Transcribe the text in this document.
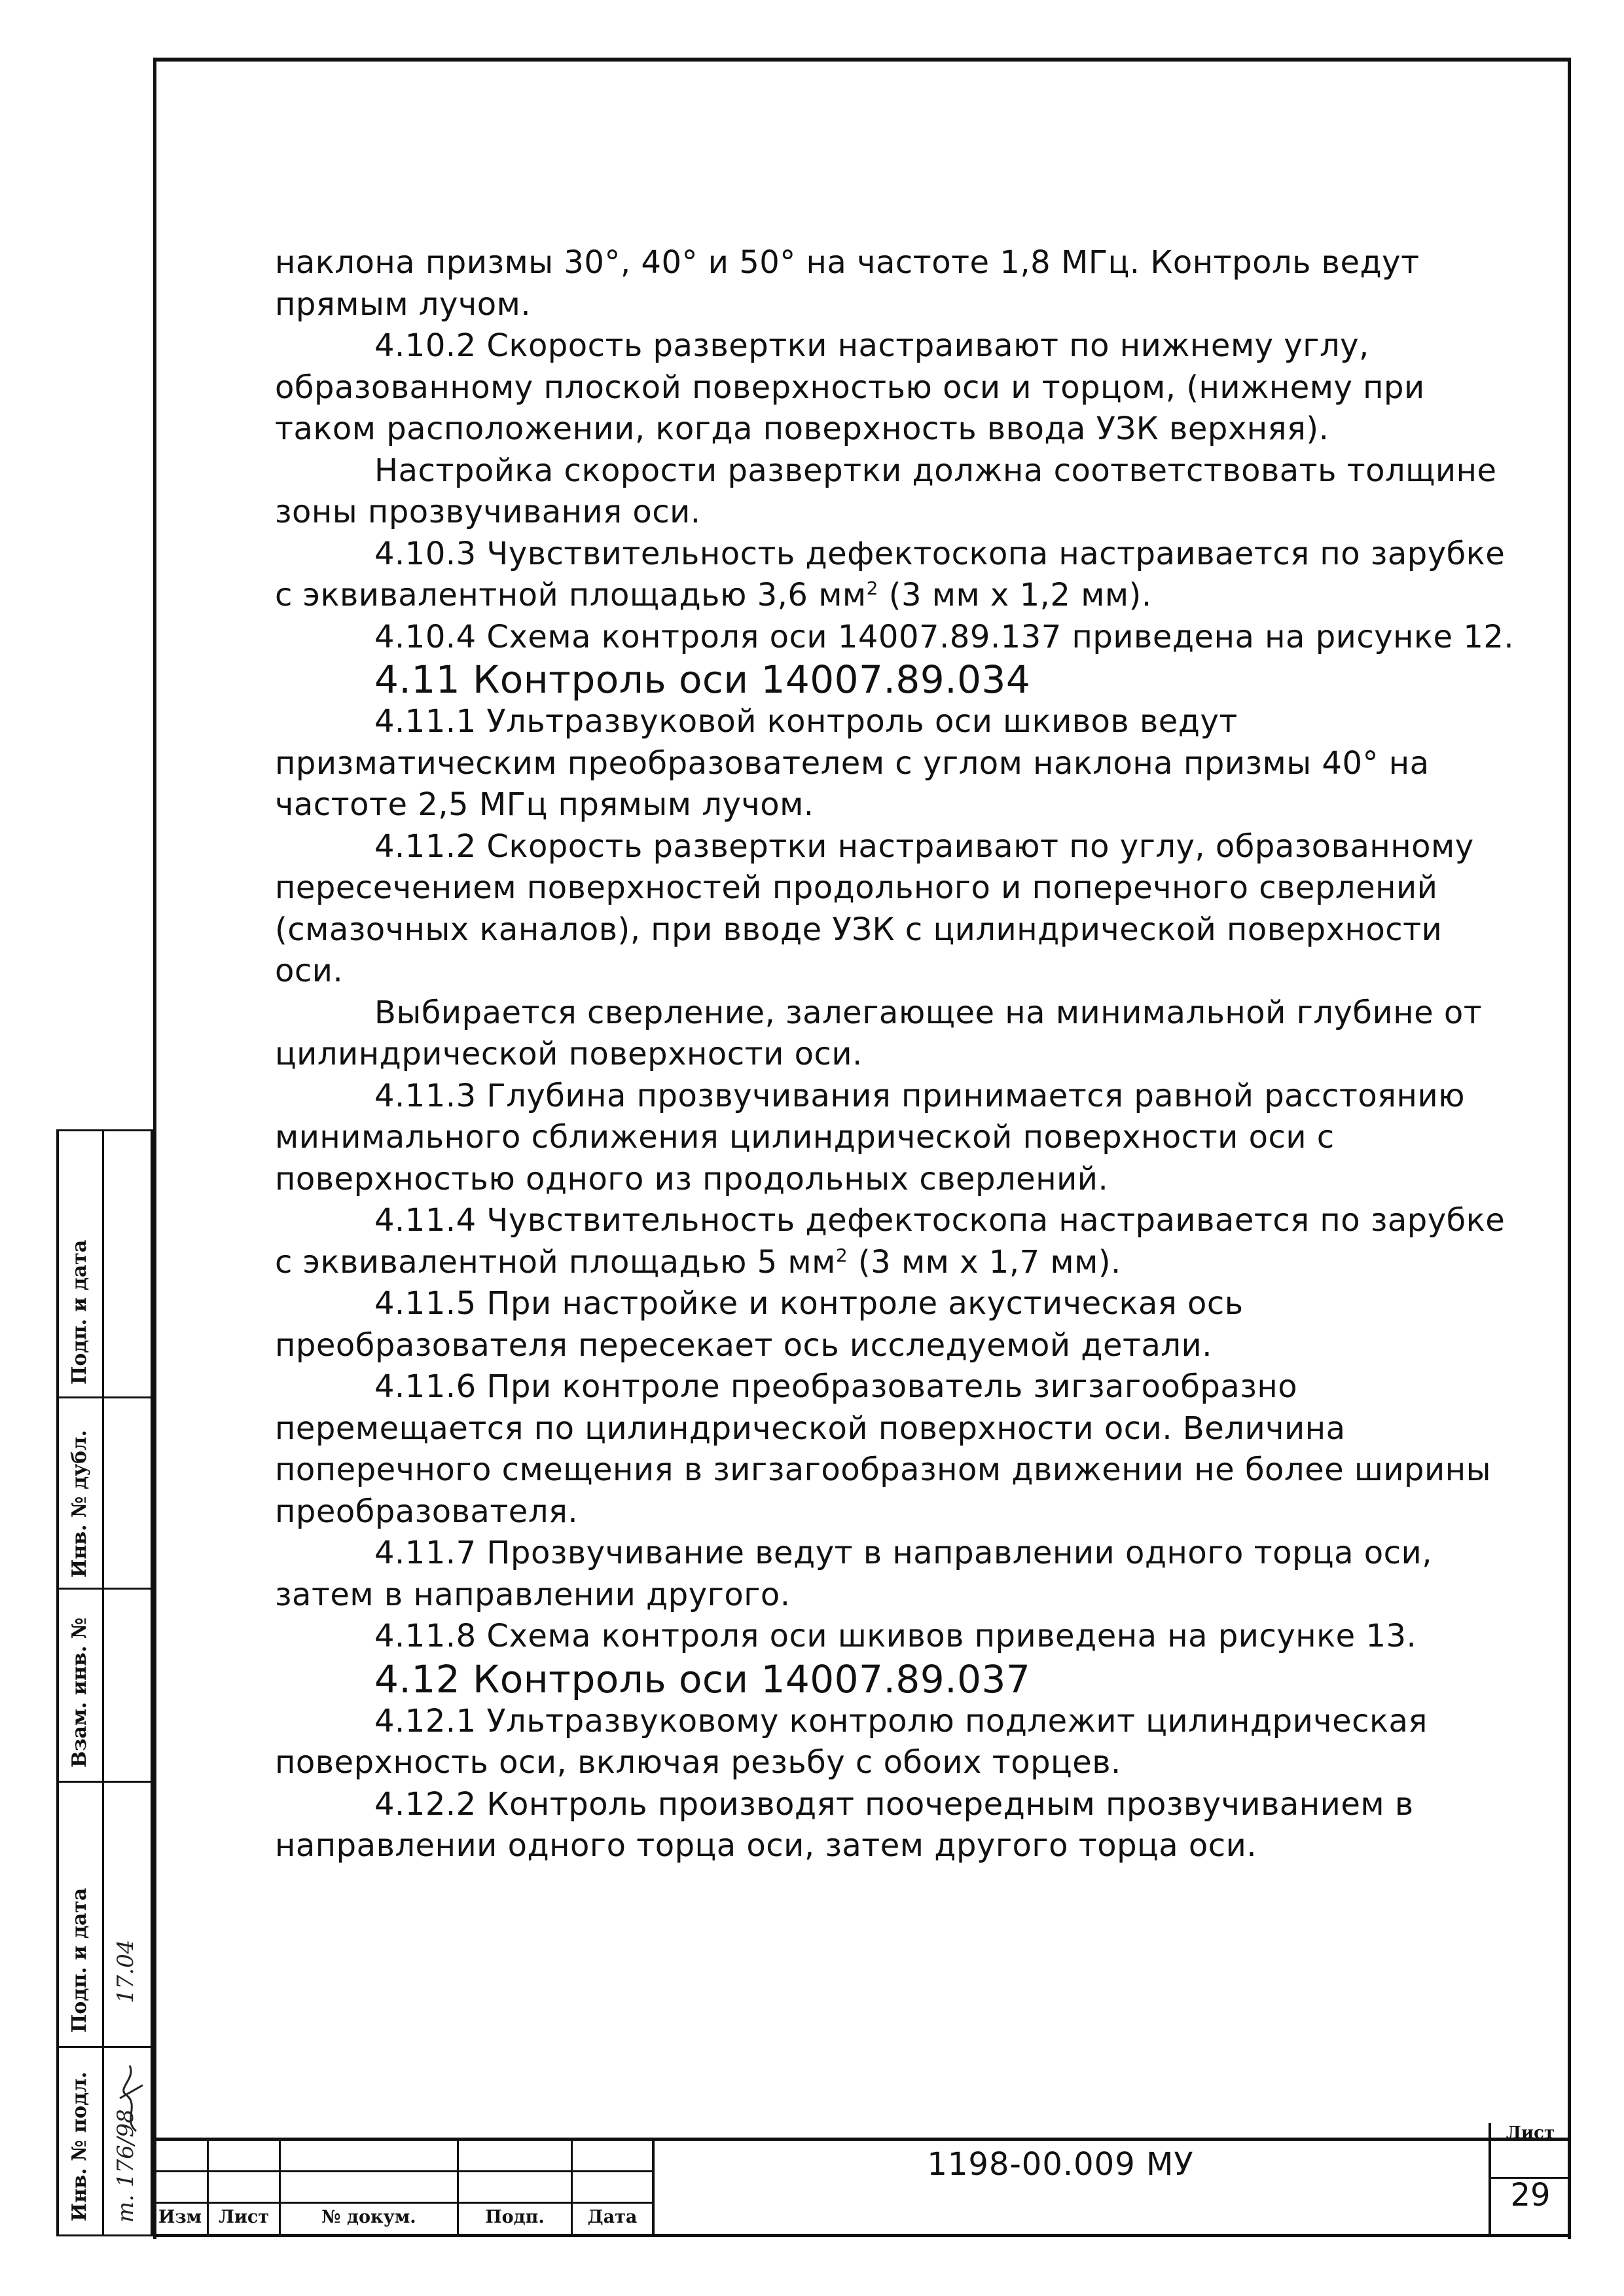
наклона призмы 30°, 40° и 50° на частоте 1,8 МГц. Контроль ведут прямым лучом.

4.10.2 Скорость развертки настраивают по нижнему углу, образованному плоской поверхностью оси и торцом, (нижнему при таком расположении, когда поверхность ввода УЗК верхняя).

Настройка скорости развертки должна соответствовать толщине зоны прозвучивания оси.

4.10.3 Чувствительность дефектоскопа настраивается по зарубке с эквивалентной площадью 3,6 $мм^2$ (3 мм х 1,2 мм).

4.10.4 Схема контроля оси 14007.89.137 приведена на рисунке 12.

4.11 Контроль оси 14007.89.034

4.11.1 Ультразвуковой контроль оси шкивов ведут призматическим преобразователем с углом наклона призмы 40° на частоте 2,5 МГц прямым лучом.

4.11.2 Скорость развертки настраивают по углу, образованному пересечением поверхностей продольного и поперечного сверлений (смазочных каналов), при вводе УЗК с цилиндрической поверхности оси.

Выбирается сверление, залегающее на минимальной глубине от цилиндрической поверхности оси.

4.11.3 Глубина прозвучивания принимается равной расстоянию минимального сближения цилиндрической поверхности оси с поверхностью одного из продольных сверлений.

4.11.4 Чувствительность дефектоскопа настраивается по зарубке с эквивалентной площадью 5 $мм^2$ (3 мм х 1,7 мм).

4.11.5 При настройке и контроле акустическая ось преобразователя пересекает ось исследуемой детали.

4.11.6 При контроле преобразователь зигзагообразно перемещается по цилиндрической поверхности оси. Величина поперечного смещения в зигзагообразном движении не более ширины преобразователя.

4.11.7 Прозвучивание ведут в направлении одного торца оси, затем в направлении другого.

4.11.8 Схема контроля оси шкивов приведена на рисунке 13.

4.12 Контроль оси 14007.89.037

4.12.1 Ультразвуковому контролю подлежит цилиндрическая поверхность оси, включая резьбу с обоих торцев.

4.12.2 Контроль производят поочередным прозвучиванием в направлении одного торца оси, затем другого торца оси.

Изм Лист	№ докум.	Подп.	Дата
1198-00.009 МУ
Лист
29
Инв. № подл.
Подп. и дата
Взам. инв. №
Инв. № дубл.
Подп. и дата
т. 176/98
17.04
